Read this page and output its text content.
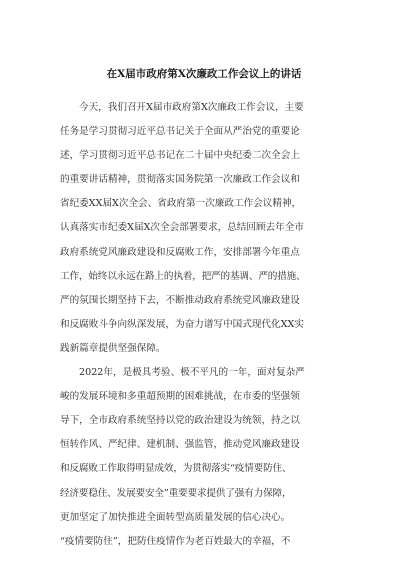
在X届市政府第X次廉政工作会议上的讲话
今天，我们召开X届市政府第X次廉政工作会议，主要
任务是学习贯彻习近平总书记关于全面从严治党的重要论
述，学习贯彻习近平总书记在二十届中央纪委二次全会上
的重要讲话精神，贯彻落实国务院第一次廉政工作会议和
省纪委XX届X次全会、省政府第一次廉政工作会议精神，
认真落实市纪委X届X次全会部署要求，总结回顾去年全市
政府系统党风廉政建设和反腐败工作，安排部署今年重点
工作，始终以永远在路上的执着，把严的基调、严的措施、
严的氛围长期坚持下去，不断推动政府系统党风廉政建设
和反腐败斗争向纵深发展，为奋力谱写中国式现代化XX实
践新篇章提供坚强保障。
2022年，是极具考验、极不平凡的一年，面对复杂严
峻的发展环境和多重超预期的困难挑战，在市委的坚强领
导下，全市政府系统坚持以党的政治建设为统领，持之以
恒转作风、严纪律、建机制、强监管，推动党风廉政建设
和反腐败工作取得明显成效，为贯彻落实“疫情要防住、
经济要稳住、发展要安全”重要要求提供了强有力保障，
更加坚定了加快推进全面转型高质量发展的信心决心。
“疫情要防住”，把防住疫情作为老百姓最大的幸福，不
